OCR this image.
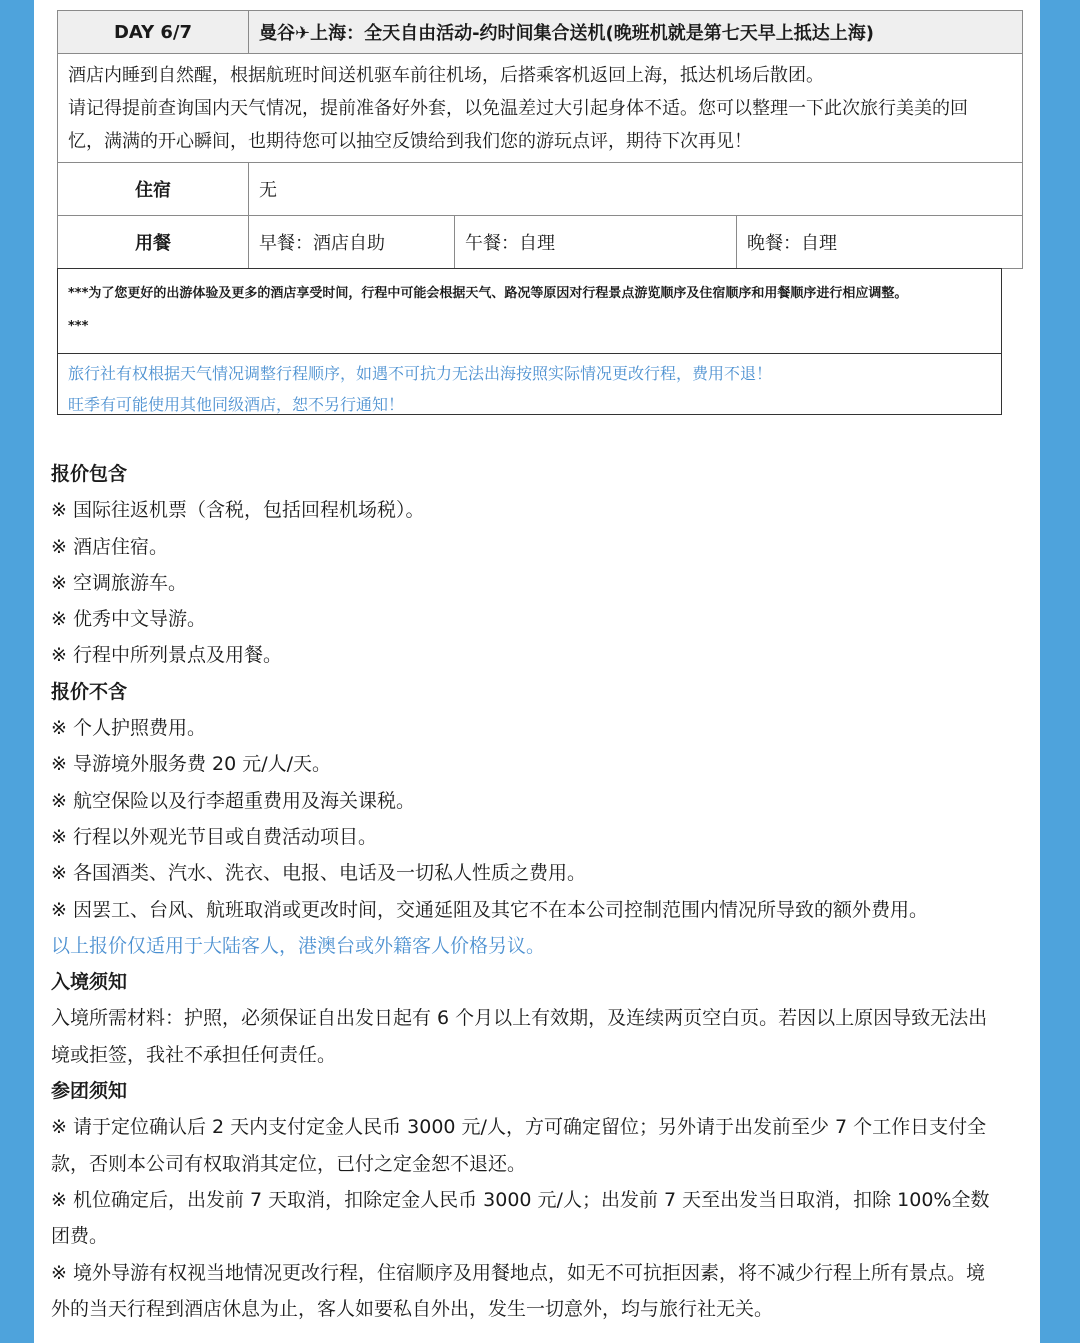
DAY 6/7	曼谷✈上海：全天自由活动-约时间集合送机(晚班机就是第七天早上抵达上海)		

酒店内睡到自然醒，根据航班时间送机驱车前往机场，后搭乘客机返回上海，抵达机场后散团。
请记得提前查询国内天气情况，提前准备好外套，以免温差过大引起身体不适。您可以整理一下此次旅行美美的回
忆，满满的开心瞬间，也期待您可以抽空反馈给到我们您的游玩点评，期待下次再见！			

住宿	无		
用餐	早餐：酒店自助	午餐：自理	晚餐：自理

***为了您更好的出游体验及更多的酒店享受时间，行程中可能会根据天气、路况等原因对行程景点游览顺序及住宿顺序和用餐顺序进行相应调整。

***

旅行社有权根据天气情况调整行程顺序，如遇不可抗力无法出海按照实际情况更改行程，费用不退！

旺季有可能使用其他同级酒店，恕不另行通知！

报价包含

※ 国际往返机票（含税，包括回程机场税）。

※ 酒店住宿。

※ 空调旅游车。

※ 优秀中文导游。

※ 行程中所列景点及用餐。

报价不含

※ 个人护照费用。

※ 导游境外服务费 20 元/人/天。

※ 航空保险以及行李超重费用及海关课税。

※ 行程以外观光节目或自费活动项目。

※ 各国酒类、汽水、洗衣、电报、电话及一切私人性质之费用。

※ 因罢工、台风、航班取消或更改时间，交通延阻及其它不在本公司控制范围内情况所导致的额外费用。

以上报价仅适用于大陆客人，港澳台或外籍客人价格另议。

入境须知

入境所需材料：护照，必须保证自出发日起有 6 个月以上有效期，及连续两页空白页。若因以上原因导致无法出

境或拒签，我社不承担任何责任。

参团须知

※ 请于定位确认后 2 天内支付定金人民币 3000 元/人，方可确定留位；另外请于出发前至少 7 个工作日支付全

款，否则本公司有权取消其定位，已付之定金恕不退还。

※ 机位确定后，出发前 7 天取消，扣除定金人民币 3000 元/人；出发前 7 天至出发当日取消，扣除 100%全数

团费。

※ 境外导游有权视当地情况更改行程，住宿顺序及用餐地点，如无不可抗拒因素，将不减少行程上所有景点。境

外的当天行程到酒店休息为止，客人如要私自外出，发生一切意外，均与旅行社无关。
